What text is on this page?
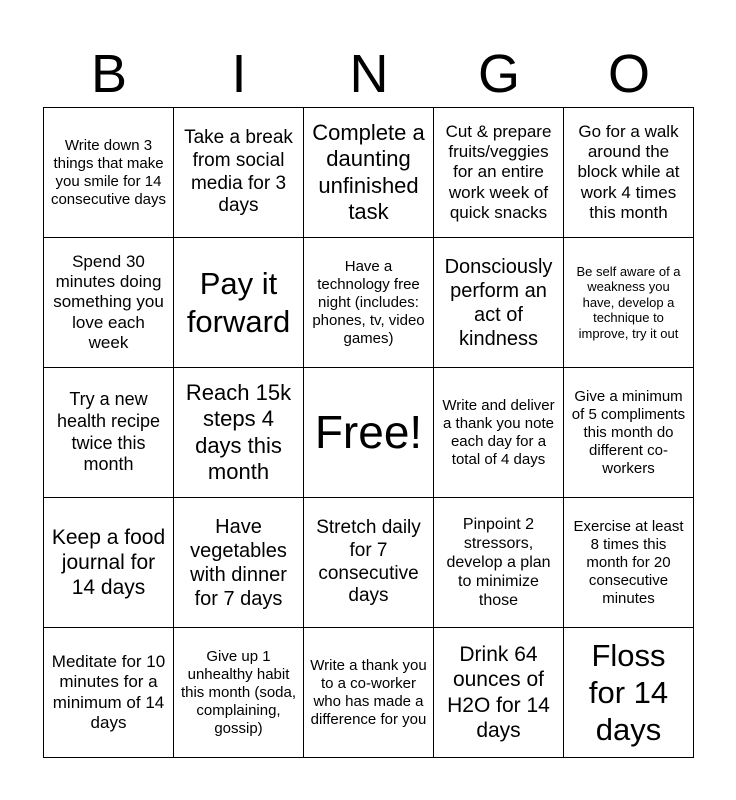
B	I	N	G	O
Write down 3 things that make you smile for 14 consecutive days	Take a break from social media for 3 days	Complete a daunting unfinished task	Cut & prepare fruits/veggies for an entire work week of quick snacks	Go for a walk around the block while at work 4 times this month
Spend 30 minutes doing something you love each week	Pay it forward	Have a technology free night (includes: phones, tv, video games)	Donsciously perform an act of kindness	Be self aware of a weakness you have, develop a technique to improve, try it out
Try a new health recipe twice this month	Reach 15k steps 4 days this month	Free!	Write and deliver a thank you note each day for a total of 4 days	Give a minimum of 5 compliments this month do different co-workers
Keep a food journal for 14 days	Have vegetables with dinner for 7 days	Stretch daily for 7 consecutive days	Pinpoint 2 stressors, develop a plan to minimize those	Exercise at least 8 times this month for 20 consecutive minutes
Meditate for 10 minutes for a minimum of 14 days	Give up 1 unhealthy habit this month (soda, complaining, gossip)	Write a thank you to a co-worker who has made a difference for you	Drink 64 ounces of H2O for 14 days	Floss for 14 days
